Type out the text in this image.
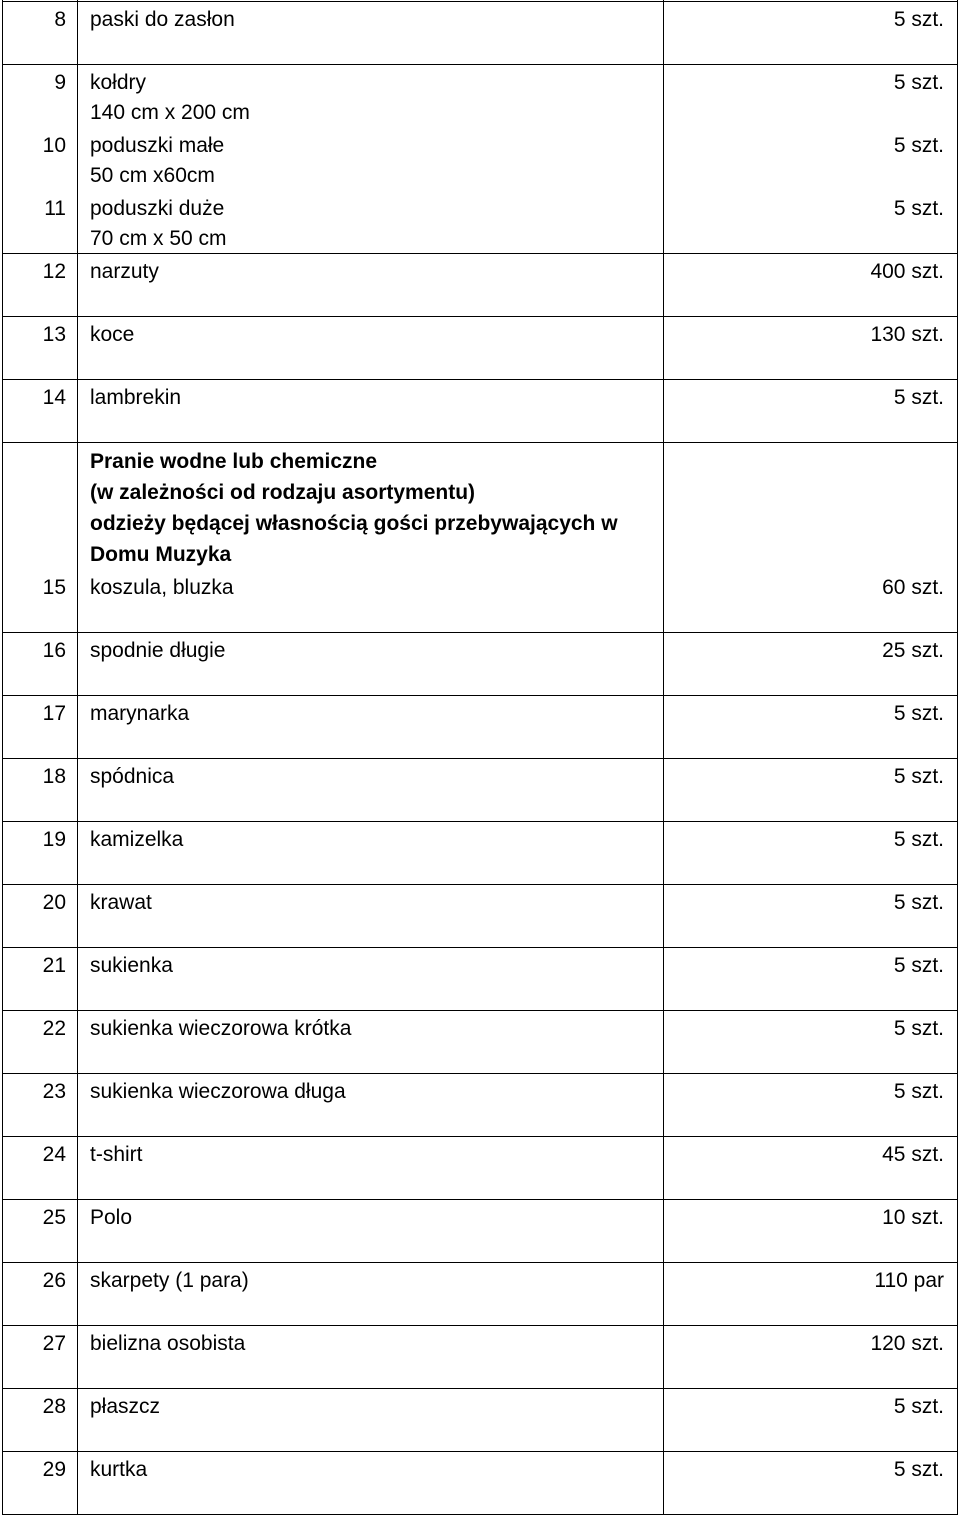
8 paski do zasłon	5 szt.
9 kołdry
140 cm x 200 cm
5 szt.
10 poduszki małe
50 cm x60cm
5 szt.
11 poduszki duże
70 cm x 50 cm
5 szt.
12 narzuty	400 szt.
13 koce	130 szt.
14 lambrekin	5 szt.
Pranie wodne lub chemiczne
(w zależności od rodzaju asortymentu)
odzieży będącej własnością gości przebywających w
Domu Muzyka
15 koszula, bluzka	60 szt.
16 spodnie długie	25 szt.
17 marynarka	5 szt.
18 spódnica	5 szt.
19 kamizelka	5 szt.
20 krawat	5 szt.
21 sukienka	5 szt.
22 sukienka wieczorowa krótka	5 szt.
23 sukienka wieczorowa długa	5 szt.
24 t-shirt	45 szt.
25 Polo	10 szt.
26 skarpety (1 para)	110 par
27 bielizna osobista	120 szt.
28 płaszcz	5 szt.
29 kurtka	5 szt.
